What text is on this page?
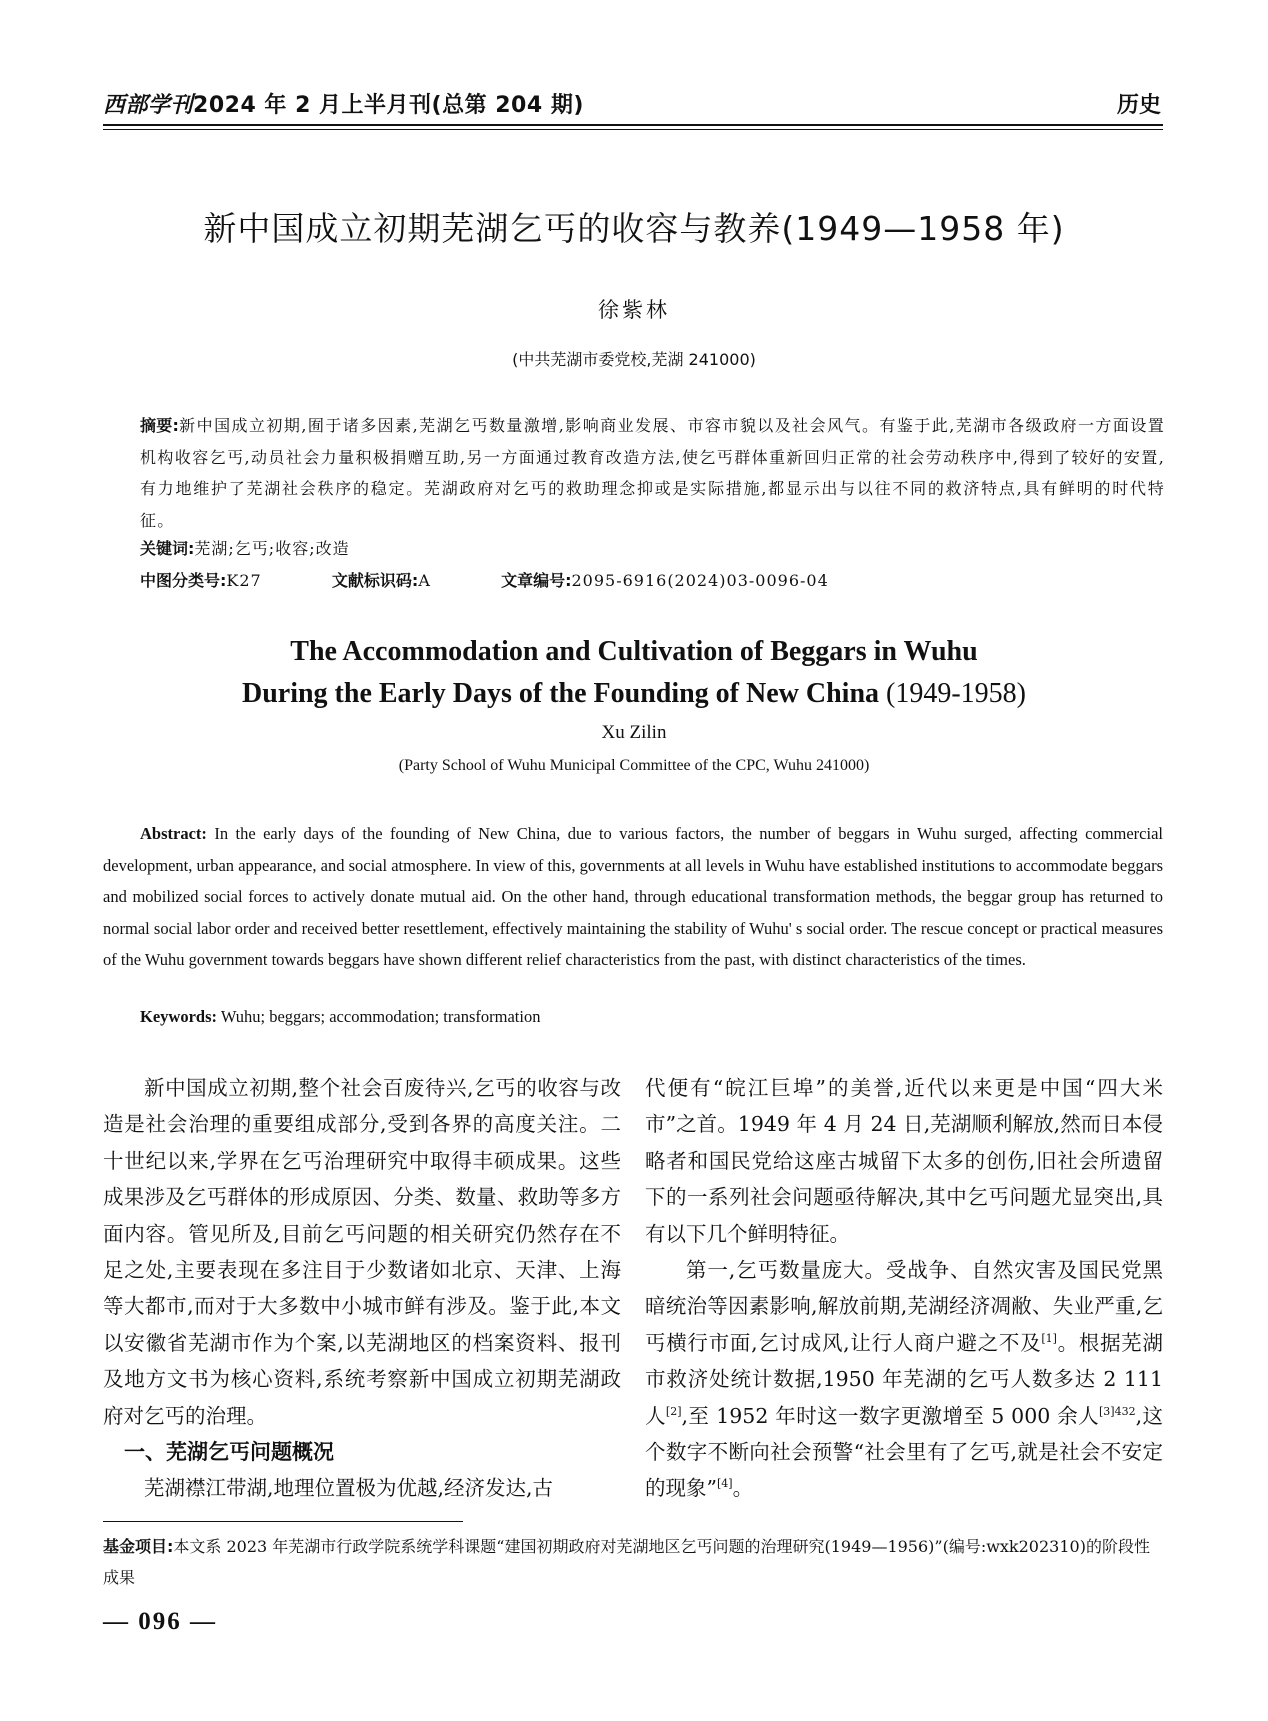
西部学刊2024 年 2 月上半月刊(总第 204 期)	历史
新中国成立初期芜湖乞丐的收容与教养(1949—1958 年)
徐紫林
(中共芜湖市委党校,芜湖 241000)
摘要:新中国成立初期,囿于诸多因素,芜湖乞丐数量激增,影响商业发展、市容市貌以及社会风气。有鉴于此,芜湖市各级政府一方面设置机构收容乞丐,动员社会力量积极捐赠互助,另一方面通过教育改造方法,使乞丐群体重新回归正常的社会劳动秩序中,得到了较好的安置,有力地维护了芜湖社会秩序的稳定。芜湖政府对乞丐的救助理念抑或是实际措施,都显示出与以往不同的救济特点,具有鲜明的时代特征。
关键词:芜湖;乞丐;收容;改造
中图分类号:K27	文献标识码:A	文章编号:2095-6916(2024)03-0096-04
The Accommodation and Cultivation of Beggars in Wuhu
During the Early Days of the Founding of New China (1949-1958)
Xu Zilin
(Party School of Wuhu Municipal Committee of the CPC, Wuhu 241000)
Abstract: In the early days of the founding of New China, due to various factors, the number of beggars in Wuhu surged, affecting commercial development, urban appearance, and social atmosphere. In view of this, governments at all levels in Wuhu have established institutions to accommodate beggars and mobilized social forces to actively donate mutual aid. On the other hand, through educational transformation methods, the beggar group has returned to normal social labor order and received better resettlement, effectively maintaining the stability of Wuhu' s social order. The rescue concept or practical measures of the Wuhu government towards beggars have shown different relief characteristics from the past, with distinct characteristics of the times.
Keywords: Wuhu; beggars; accommodation; transformation

新中国成立初期,整个社会百废待兴,乞丐的收容与改造是社会治理的重要组成部分,受到各界的高度关注。二十世纪以来,学界在乞丐治理研究中取得丰硕成果。这些成果涉及乞丐群体的形成原因、分类、数量、救助等多方面内容。管见所及,目前乞丐问题的相关研究仍然存在不足之处,主要表现在多注目于少数诸如北京、天津、上海等大都市,而对于大多数中小城市鲜有涉及。鉴于此,本文以安徽省芜湖市作为个案,以芜湖地区的档案资料、报刊及地方文书为核心资料,系统考察新中国成立初期芜湖政府对乞丐的治理。

一、芜湖乞丐问题概况

芜湖襟江带湖,地理位置极为优越,经济发达,古

代便有“皖江巨埠”的美誉,近代以来更是中国“四大米市”之首。1949 年 4 月 24 日,芜湖顺利解放,然而日本侵略者和国民党给这座古城留下太多的创伤,旧社会所遗留下的一系列社会问题亟待解决,其中乞丐问题尤显突出,具有以下几个鲜明特征。

第一,乞丐数量庞大。受战争、自然灾害及国民党黑暗统治等因素影响,解放前期,芜湖经济凋敝、失业严重,乞丐横行市面,乞讨成风,让行人商户避之不及[1]。根据芜湖市救济处统计数据,1950 年芜湖的乞丐人数多达 2 111 人[2],至 1952 年时这一数字更激增至 5 000 余人$^{[3]432}$,这个数字不断向社会预警“社会里有了乞丐,就是社会不安定的现象”[4]。

基金项目:本文系 2023 年芜湖市行政学院系统学科课题“建国初期政府对芜湖地区乞丐问题的治理研究(1949—1956)”(编号:wxk202310)的阶段性成果
— 096 —
